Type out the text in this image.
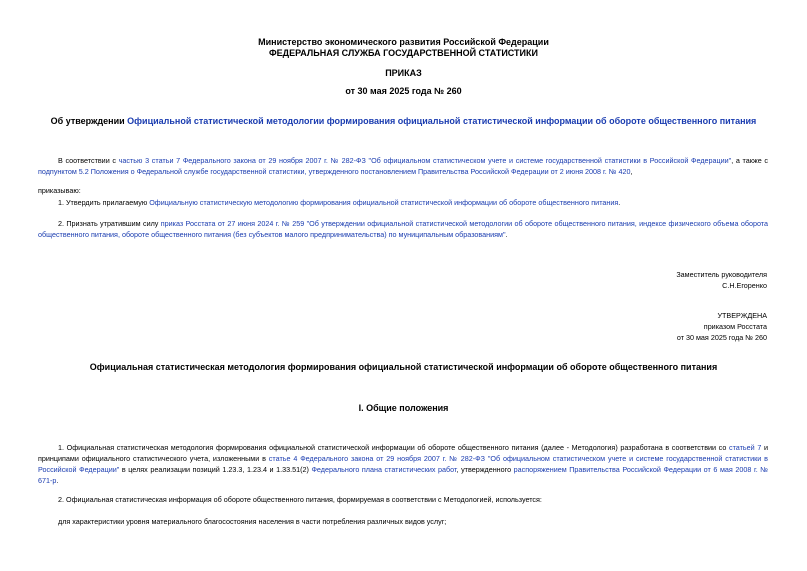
Министерство экономического развития Российской Федерации
ФЕДЕРАЛЬНАЯ СЛУЖБА ГОСУДАРСТВЕННОЙ СТАТИСТИКИ
ПРИКАЗ
от 30 мая 2025 года № 260
Об утверждении Официальной статистической методологии формирования официальной статистической информации об обороте общественного питания
В соответствии с частью 3 статьи 7 Федерального закона от 29 ноября 2007 г. № 282-ФЗ "Об официальном статистическом учете и системе государственной статистики в Российской Федерации", а также с подпунктом 5.2 Положения о Федеральной службе государственной статистики, утвержденного постановлением Правительства Российской Федерации от 2 июня 2008 г. № 420,
приказываю:
1. Утвердить прилагаемую Официальную статистическую методологию формирования официальной статистической информации об обороте общественного питания.
2. Признать утратившим силу приказ Росстата от 27 июня 2024 г. № 259 "Об утверждении официальной статистической методологии об обороте общественного питания, индексе физического объема оборота общественного питания, обороте общественного питания (без субъектов малого предпринимательства) по муниципальным образованиям".
Заместитель руководителя
С.Н.Егоренко
УТВЕРЖДЕНА
приказом Росстата
от 30 мая 2025 года № 260
Официальная статистическая методология формирования официальной статистической информации об обороте общественного питания
I. Общие положения
1. Официальная статистическая методология формирования официальной статистической информации об обороте общественного питания (далее - Методология) разработана в соответствии со статьей 7 и принципами официального статистического учета, изложенными в статье 4 Федерального закона от 29 ноября 2007 г. № 282-ФЗ "Об официальном статистическом учете и системе государственной статистики в Российской Федерации" в целях реализации позиций 1.23.3, 1.23.4 и 1.33.51(2) Федерального плана статистических работ, утвержденного распоряжением Правительства Российской Федерации от 6 мая 2008 г. № 671-р.
2. Официальная статистическая информация об обороте общественного питания, формируемая в соответствии с Методологией, используется:
для характеристики уровня материального благосостояния населения в части потребления различных видов услуг;
